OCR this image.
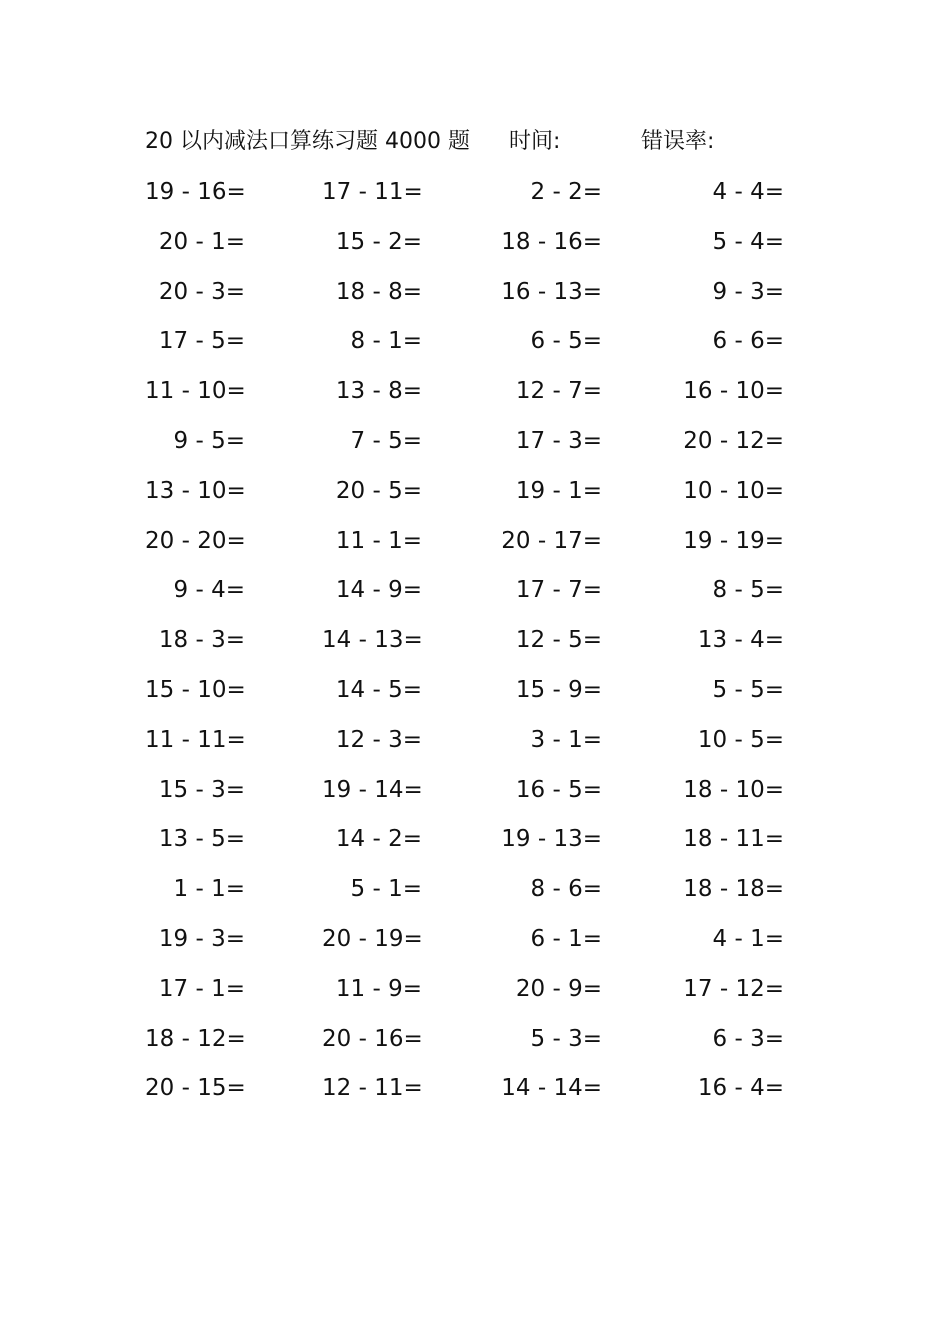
20 以内减法口算练习题 4000 题 时间:	错误率:
19 - 16=	17 - 11=	2 - 2=	4 - 4=
20 - 1=	15 - 2=	18 - 16=	5 - 4=
20 - 3=	18 - 8=	16 - 13=	9 - 3=
17 - 5=	8 - 1=	6 - 5=	6 - 6=
11 - 10=	13 - 8=	12 - 7=	16 - 10=
9 - 5=	7 - 5=	17 - 3=	20 - 12=
13 - 10=	20 - 5=	19 - 1=	10 - 10=
20 - 20=	11 - 1=	20 - 17=	19 - 19=
9 - 4=	14 - 9=	17 - 7=	8 - 5=
18 - 3=	14 - 13=	12 - 5=	13 - 4=
15 - 10=	14 - 5=	15 - 9=	5 - 5=
11 - 11=	12 - 3=	3 - 1=	10 - 5=
15 - 3=	19 - 14=	16 - 5=	18 - 10=
13 - 5=	14 - 2=	19 - 13=	18 - 11=
1 - 1=	5 - 1=	8 - 6=	18 - 18=
19 - 3=	20 - 19=	6 - 1=	4 - 1=
17 - 1=	11 - 9=	20 - 9=	17 - 12=
18 - 12=	20 - 16=	5 - 3=	6 - 3=
20 - 15=	12 - 11=	14 - 14=	16 - 4=
